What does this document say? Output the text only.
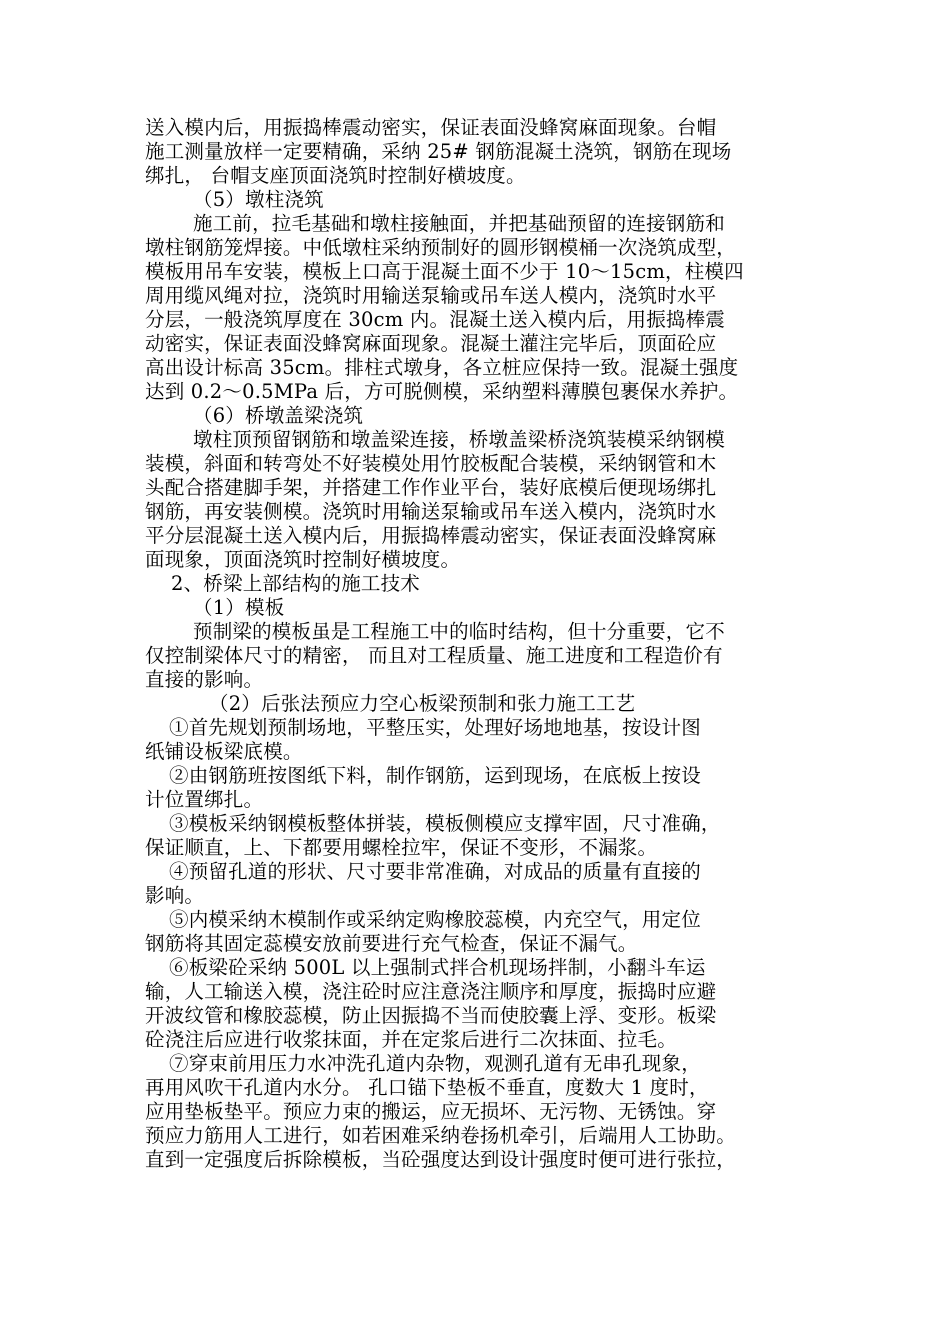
送入模内后，用振捣棒震动密实，保证表面没蜂窝麻面现象。台帽
施工测量放样一定要精确，采纳 25# 钢筋混凝土浇筑，钢筋在现场
绑扎， 台帽支座顶面浇筑时控制好横坡度。
（5）墩柱浇筑
施工前，拉毛基础和墩柱接触面，并把基础预留的连接钢筋和
墩柱钢筋笼焊接。中低墩柱采纳预制好的圆形钢模桶一次浇筑成型，
模板用吊车安装，模板上口高于混凝土面不少于 10～15cm，柱模四
周用缆风绳对拉，浇筑时用输送泵输或吊车送人模内，浇筑时水平
分层，一般浇筑厚度在 30cm 内。混凝土送入模内后，用振捣棒震
动密实，保证表面没蜂窝麻面现象。混凝土灌注完毕后，顶面砼应
高出设计标高 35cm。排柱式墩身，各立桩应保持一致。混凝土强度
达到 0.2～0.5MPa 后，方可脱侧模，采纳塑料薄膜包裹保水养护。
（6）桥墩盖梁浇筑
墩柱顶预留钢筋和墩盖梁连接，桥墩盖梁桥浇筑装模采纳钢模
装模，斜面和转弯处不好装模处用竹胶板配合装模，采纳钢管和木
头配合搭建脚手架，并搭建工作作业平台，装好底模后便现场绑扎
钢筋，再安装侧模。浇筑时用输送泵输或吊车送入模内，浇筑时水
平分层混凝土送入模内后，用振捣棒震动密实，保证表面没蜂窝麻
面现象，顶面浇筑时控制好横坡度。
2、桥梁上部结构的施工技术
（1）模板
预制梁的模板虽是工程施工中的临时结构，但十分重要，它不
仅控制梁体尺寸的精密， 而且对工程质量、施工进度和工程造价有
直接的影响。
（2）后张法预应力空心板梁预制和张力施工工艺
①首先规划预制场地，平整压实，处理好场地地基，按设计图
纸铺设板梁底模。
②由钢筋班按图纸下料，制作钢筋，运到现场，在底板上按设
计位置绑扎。
③模板采纳钢模板整体拼装，模板侧模应支撑牢固，尺寸准确，
保证顺直，上、下都要用螺栓拉牢，保证不变形，不漏浆。
④预留孔道的形状、尺寸要非常准确，对成品的质量有直接的
影响。
⑤内模采纳木模制作或采纳定购橡胶蕊模，内充空气，用定位
钢筋将其固定蕊模安放前要进行充气检查，保证不漏气。
⑥板梁砼采纳 500L 以上强制式拌合机现场拌制，小翻斗车运
输，人工输送入模，浇注砼时应注意浇注顺序和厚度，振捣时应避
开波纹管和橡胶蕊模，防止因振捣不当而使胶囊上浮、变形。板梁
砼浇注后应进行收浆抹面，并在定浆后进行二次抹面、拉毛。
⑦穿束前用压力水冲洗孔道内杂物，观测孔道有无串孔现象，
再用风吹干孔道内水分。 孔口锚下垫板不垂直，度数大 1 度时，
应用垫板垫平。预应力束的搬运，应无损坏、无污物、无锈蚀。穿
预应力筋用人工进行，如若困难采纳卷扬机牵引，后端用人工协助。
直到一定强度后拆除模板，当砼强度达到设计强度时便可进行张拉，
